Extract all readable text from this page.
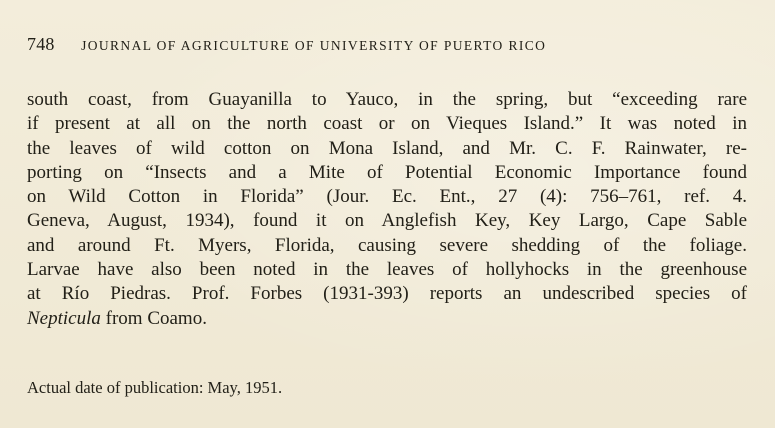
748 JOURNAL OF AGRICULTURE OF UNIVERSITY OF PUERTO RICO
south coast, from Guayanilla to Yauco, in the spring, but “exceeding rare
if present at all on the north coast or on Vieques Island.” It was noted in
the leaves of wild cotton on Mona Island, and Mr. C. F. Rainwater, re-
porting on “Insects and a Mite of Potential Economic Importance found
on Wild Cotton in Florida” (Jour. Ec. Ent., 27 (4): 756–761, ref. 4.
Geneva, August, 1934), found it on Anglefish Key, Key Largo, Cape Sable
and around Ft. Myers, Florida, causing severe shedding of the foliage.
Larvae have also been noted in the leaves of hollyhocks in the greenhouse
at Río Piedras. Prof. Forbes (1931-393) reports an undescribed species of
Nepticula from Coamo.
Actual date of publication: May, 1951.
